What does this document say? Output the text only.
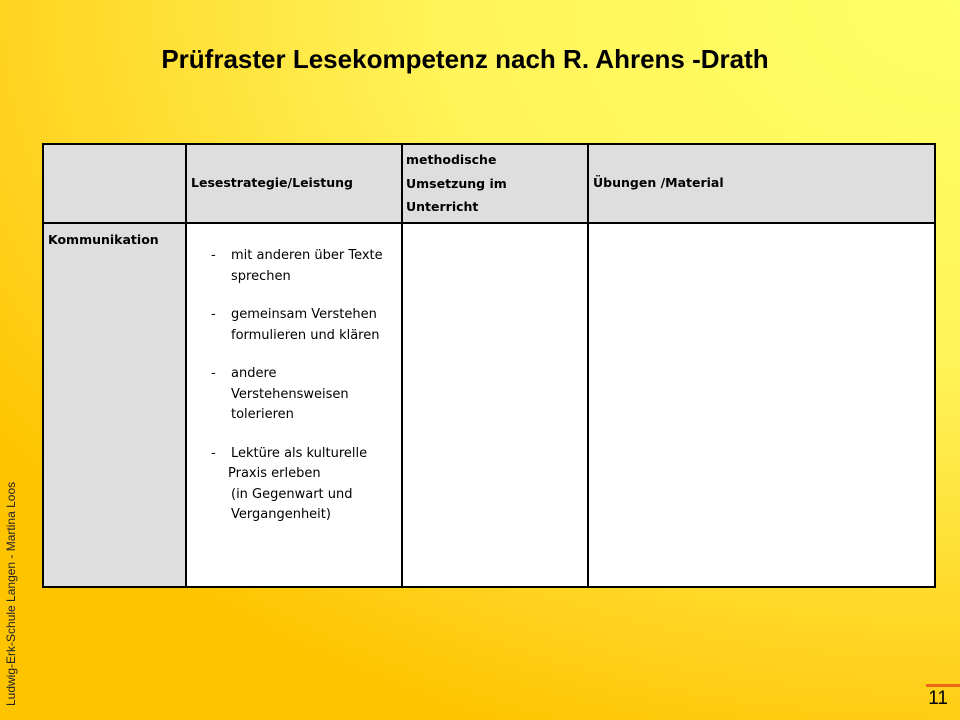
Prüfraster Lesekompetenz nach R. Ahrens -Drath
Ludwig-Erk-Schule Langen - Martina Loos
Lesestrategie/Leistung
methodische
Umsetzung im
Unterricht
Übungen /Material
Kommunikation
- mit anderen über Texte
sprechen
- gemeinsam Verstehen
formulieren und klären
- andere
Verstehensweisen
tolerieren
- Lektüre als kulturelle
Praxis erleben
(in Gegenwart und
Vergangenheit)
11
